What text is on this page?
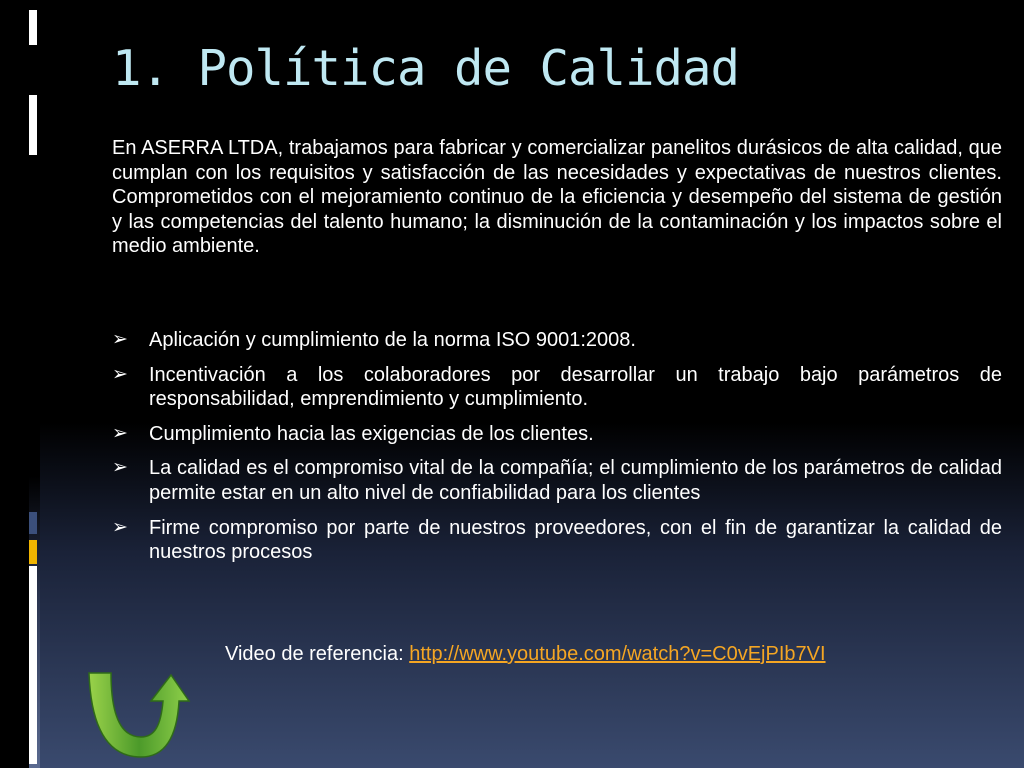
1. Política de Calidad

En ASERRA LTDA, trabajamos para fabricar y comercializar panelitos durásicos de alta calidad, que cumplan con los requisitos y satisfacción de las necesidades y expectativas de nuestros clientes. Comprometidos con el mejoramiento continuo de la eficiencia y desempeño del sistema de gestión y las competencias del talento humano; la disminución de la contaminación y los impactos sobre el medio ambiente.

➢ Aplicación y cumplimiento de la norma ISO 9001:2008.
➢ Incentivación a los colaboradores por desarrollar un trabajo bajo parámetros de responsabilidad, emprendimiento y cumplimiento.
➢ Cumplimiento hacia las exigencias de los clientes.
➢ La calidad es el compromiso vital de la compañía; el cumplimiento de los parámetros de calidad permite estar en un alto nivel de confiabilidad para los clientes
➢ Firme compromiso por parte de nuestros proveedores, con el fin de garantizar la calidad de nuestros procesos
Video de referencia: http://www.youtube.com/watch?v=C0vEjPIb7VI
